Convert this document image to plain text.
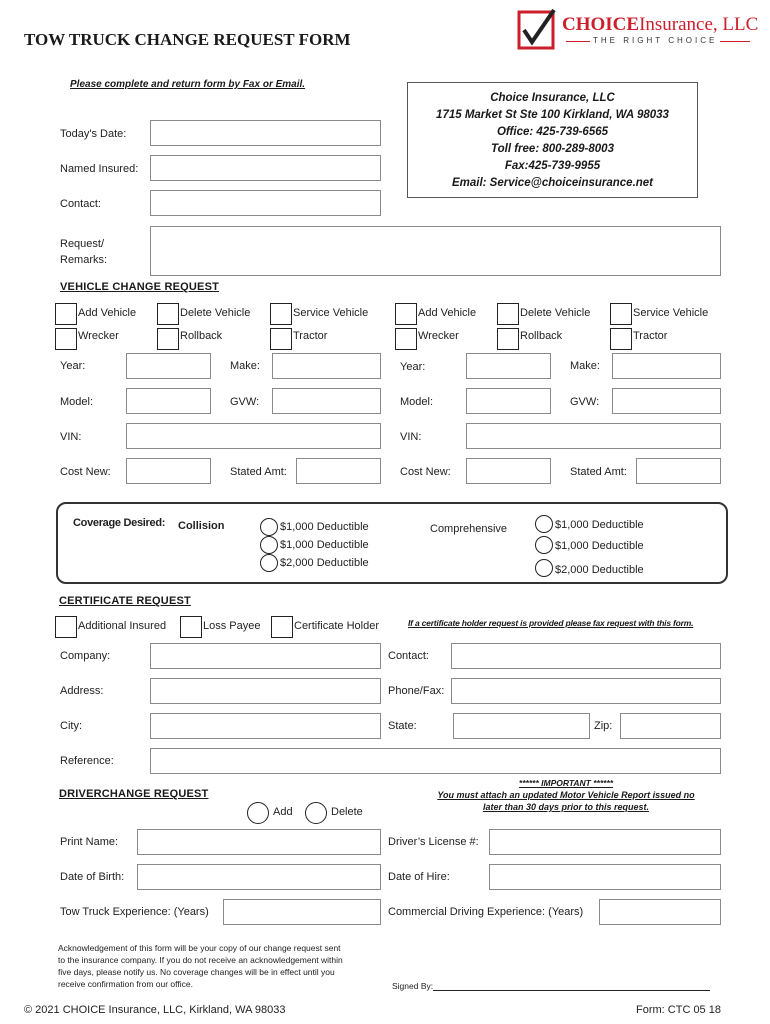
TOW TRUCK CHANGE REQUEST FORM
CHOICEInsurance, LLC
THE RIGHT CHOICE
Please complete and return form by Fax or Email.
Choice Insurance, LLC
1715 Market St Ste 100 Kirkland, WA 98033
Office: 425-739-6565
Toll free: 800-289-8003
Fax:425-739-9955
Email: Service@choiceinsurance.net
Today's Date:
Named Insured:
Contact:
Request/
Remarks:
VEHICLE CHANGE REQUEST
Add Vehicle	Delete Vehicle	Service Vehicle
Wrecker	Rollback	Tractor
Add Vehicle	Delete Vehicle	Service Vehicle
Wrecker	Rollback	Tractor
Year:	Make:
Model:	GVW:
VIN:
Cost New:	Stated Amt:
Year:	Make:
Model:	GVW:
VIN:
Cost New:	Stated Amt:
Coverage Desired: Collision	$1,000 Deductible
$1,000 Deductible
$2,000 Deductible
Comprehensive	$1,000 Deductible
$1,000 Deductible
$2,000 Deductible
CERTIFICATE REQUEST
Additional Insured	Loss Payee	Certificate Holder	If a certificate holder request is provided please fax request with this form.
Company:	Contact:
Address:	Phone/Fax:
City:	State:	Zip:
Reference:
DRIVERCHANGE REQUEST
Add	Delete
****** IMPORTANT ******
You must attach an updated Motor Vehicle Report issued no
later than 30 days prior to this request.
Print Name:	Driver’s License #:
Date of Birth:	Date of Hire:
Tow Truck Experience: (Years)	Commercial Driving Experience: (Years)
Acknowledgement of this form will be your copy of our change request sent
to the insurance company. If you do not receive an acknowledgement within
five days, please notify us. No coverage changes will be in effect until you
receive confirmation from our office.	Signed By:
© 2021 CHOICE Insurance, LLC, Kirkland, WA 98033	Form: CTC 05 18
